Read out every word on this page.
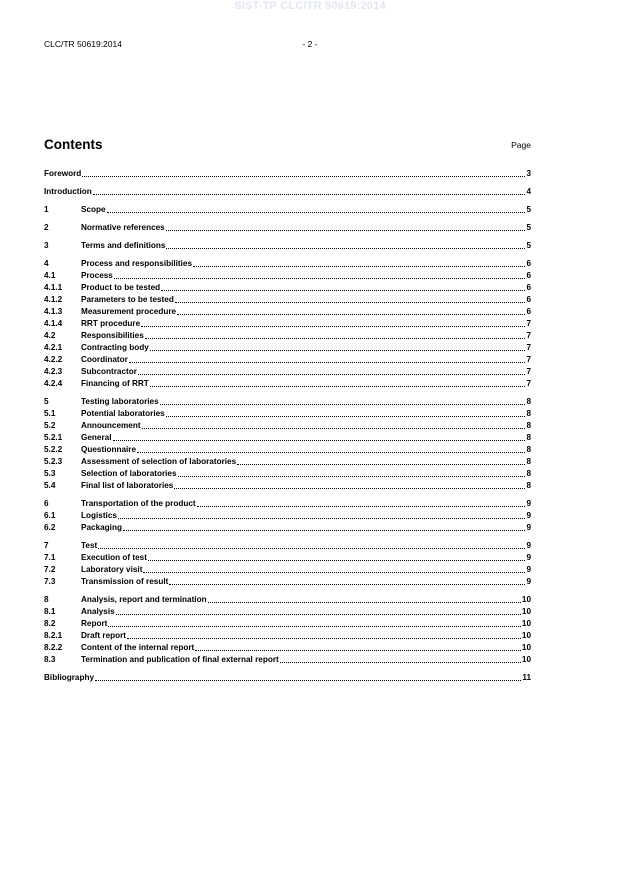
SIST-TP CLC/TR 50619:2014
CLC/TR 50619:2014	- 2 -
Contents	Page
Foreword	3
Introduction	4
1	Scope	5
2	Normative references	5
3	Terms and definitions	5
4	Process and responsibilities	6
4.1	Process	6
4.1.1	Product to be tested	6
4.1.2	Parameters to be tested	6
4.1.3	Measurement procedure	6
4.1.4	RRT procedure	7
4.2	Responsibilities	7
4.2.1	Contracting body	7
4.2.2	Coordinator	7
4.2.3	Subcontractor	7
4.2.4	Financing of RRT	7
5	Testing laboratories	8
5.1	Potential laboratories	8
5.2	Announcement	8
5.2.1	General	8
5.2.2	Questionnaire	8
5.2.3	Assessment of selection of laboratories	8
5.3	Selection of laboratories	8
5.4	Final list of laboratories	8
6	Transportation of the product	9
6.1	Logistics	9
6.2	Packaging	9
7	Test	9
7.1	Execution of test	9
7.2	Laboratory visit	9
7.3	Transmission of result	9
8	Analysis, report and termination	10
8.1	Analysis	10
8.2	Report	10
8.2.1	Draft report	10
8.2.2	Content of the internal report	10
8.3	Termination and publication of final external report	10
Bibliography	11
